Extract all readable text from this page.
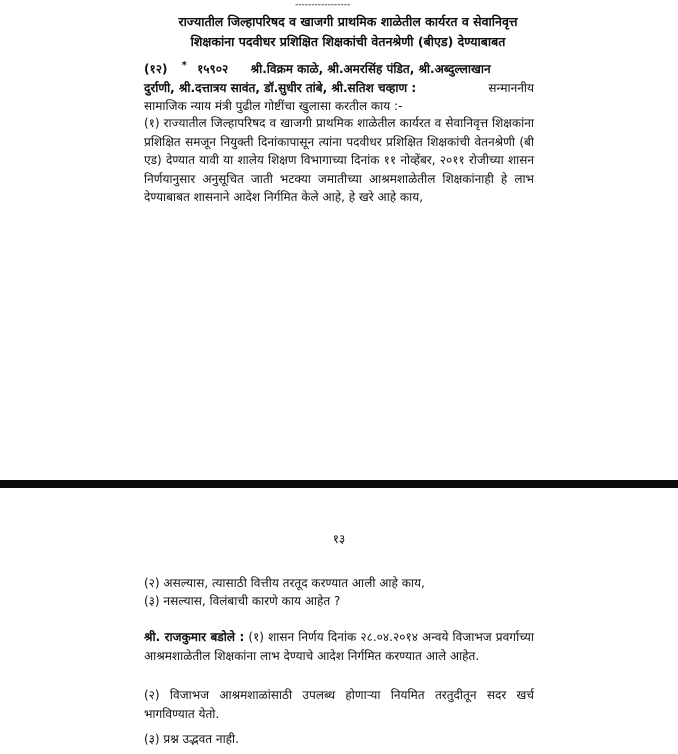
-----------------
राज्यातील जिल्हापरिषद व खाजगी प्राथमिक शाळेतील कार्यरत व सेवानिवृत्त
शिक्षकांना पदवीधर प्रशिक्षित शिक्षकांची वेतनश्रेणी (बीएड) देण्याबाबत
(१२) * १५९०२ श्री.विक्रम काळे, श्री.अमरसिंह पंडित, श्री.अब्दुल्लाखान
दुर्राणी, श्री.दत्तात्रय सावंत, डॉ.सुधीर तांबे, श्री.सतिश चव्हाण :	सन्माननीय
सामाजिक न्याय मंत्री पुढील गोष्टींचा खुलासा करतील काय :-
(१) राज्यातील जिल्हापरिषद व खाजगी प्राथमिक शाळेतील कार्यरत व सेवानिवृत्त शिक्षकांना प्रशिक्षित समजून नियुक्ती दिनांकापासून त्यांना पदवीधर प्रशिक्षित शिक्षकांची वेतनश्रेणी (बी एड) देण्यात यावी या शालेय शिक्षण विभागाच्या दिनांक ११ नोव्हेंबर, २०११ रोजीच्या शासन निर्णयानुसार अनुसूचित जाती भटक्या जमातीच्या आश्रमशाळेतील शिक्षकांनाही हे लाभ देण्याबाबत शासनाने आदेश निर्गमित केले आहे, हे खरे आहे काय,
१३
(२) असल्यास, त्यासाठी वित्तीय तरतूद करण्यात आली आहे काय,
(३) नसल्यास, विलंबाची कारणे काय आहेत ?
श्री. राजकुमार बडोले : (१) शासन निर्णय दिनांक २८.०४.२०१४ अन्वये विजाभज प्रवर्गाच्या आश्रमशाळेतील शिक्षकांना लाभ देण्याचे आदेश निर्गमित करण्यात आले आहेत.
(२) विजाभज आश्रमशाळांसाठी उपलब्ध होणाऱ्या नियमित तरतुदीतून सदर खर्च भागविण्यात येतो.
(३) प्रश्न उद्भवत नाही.
